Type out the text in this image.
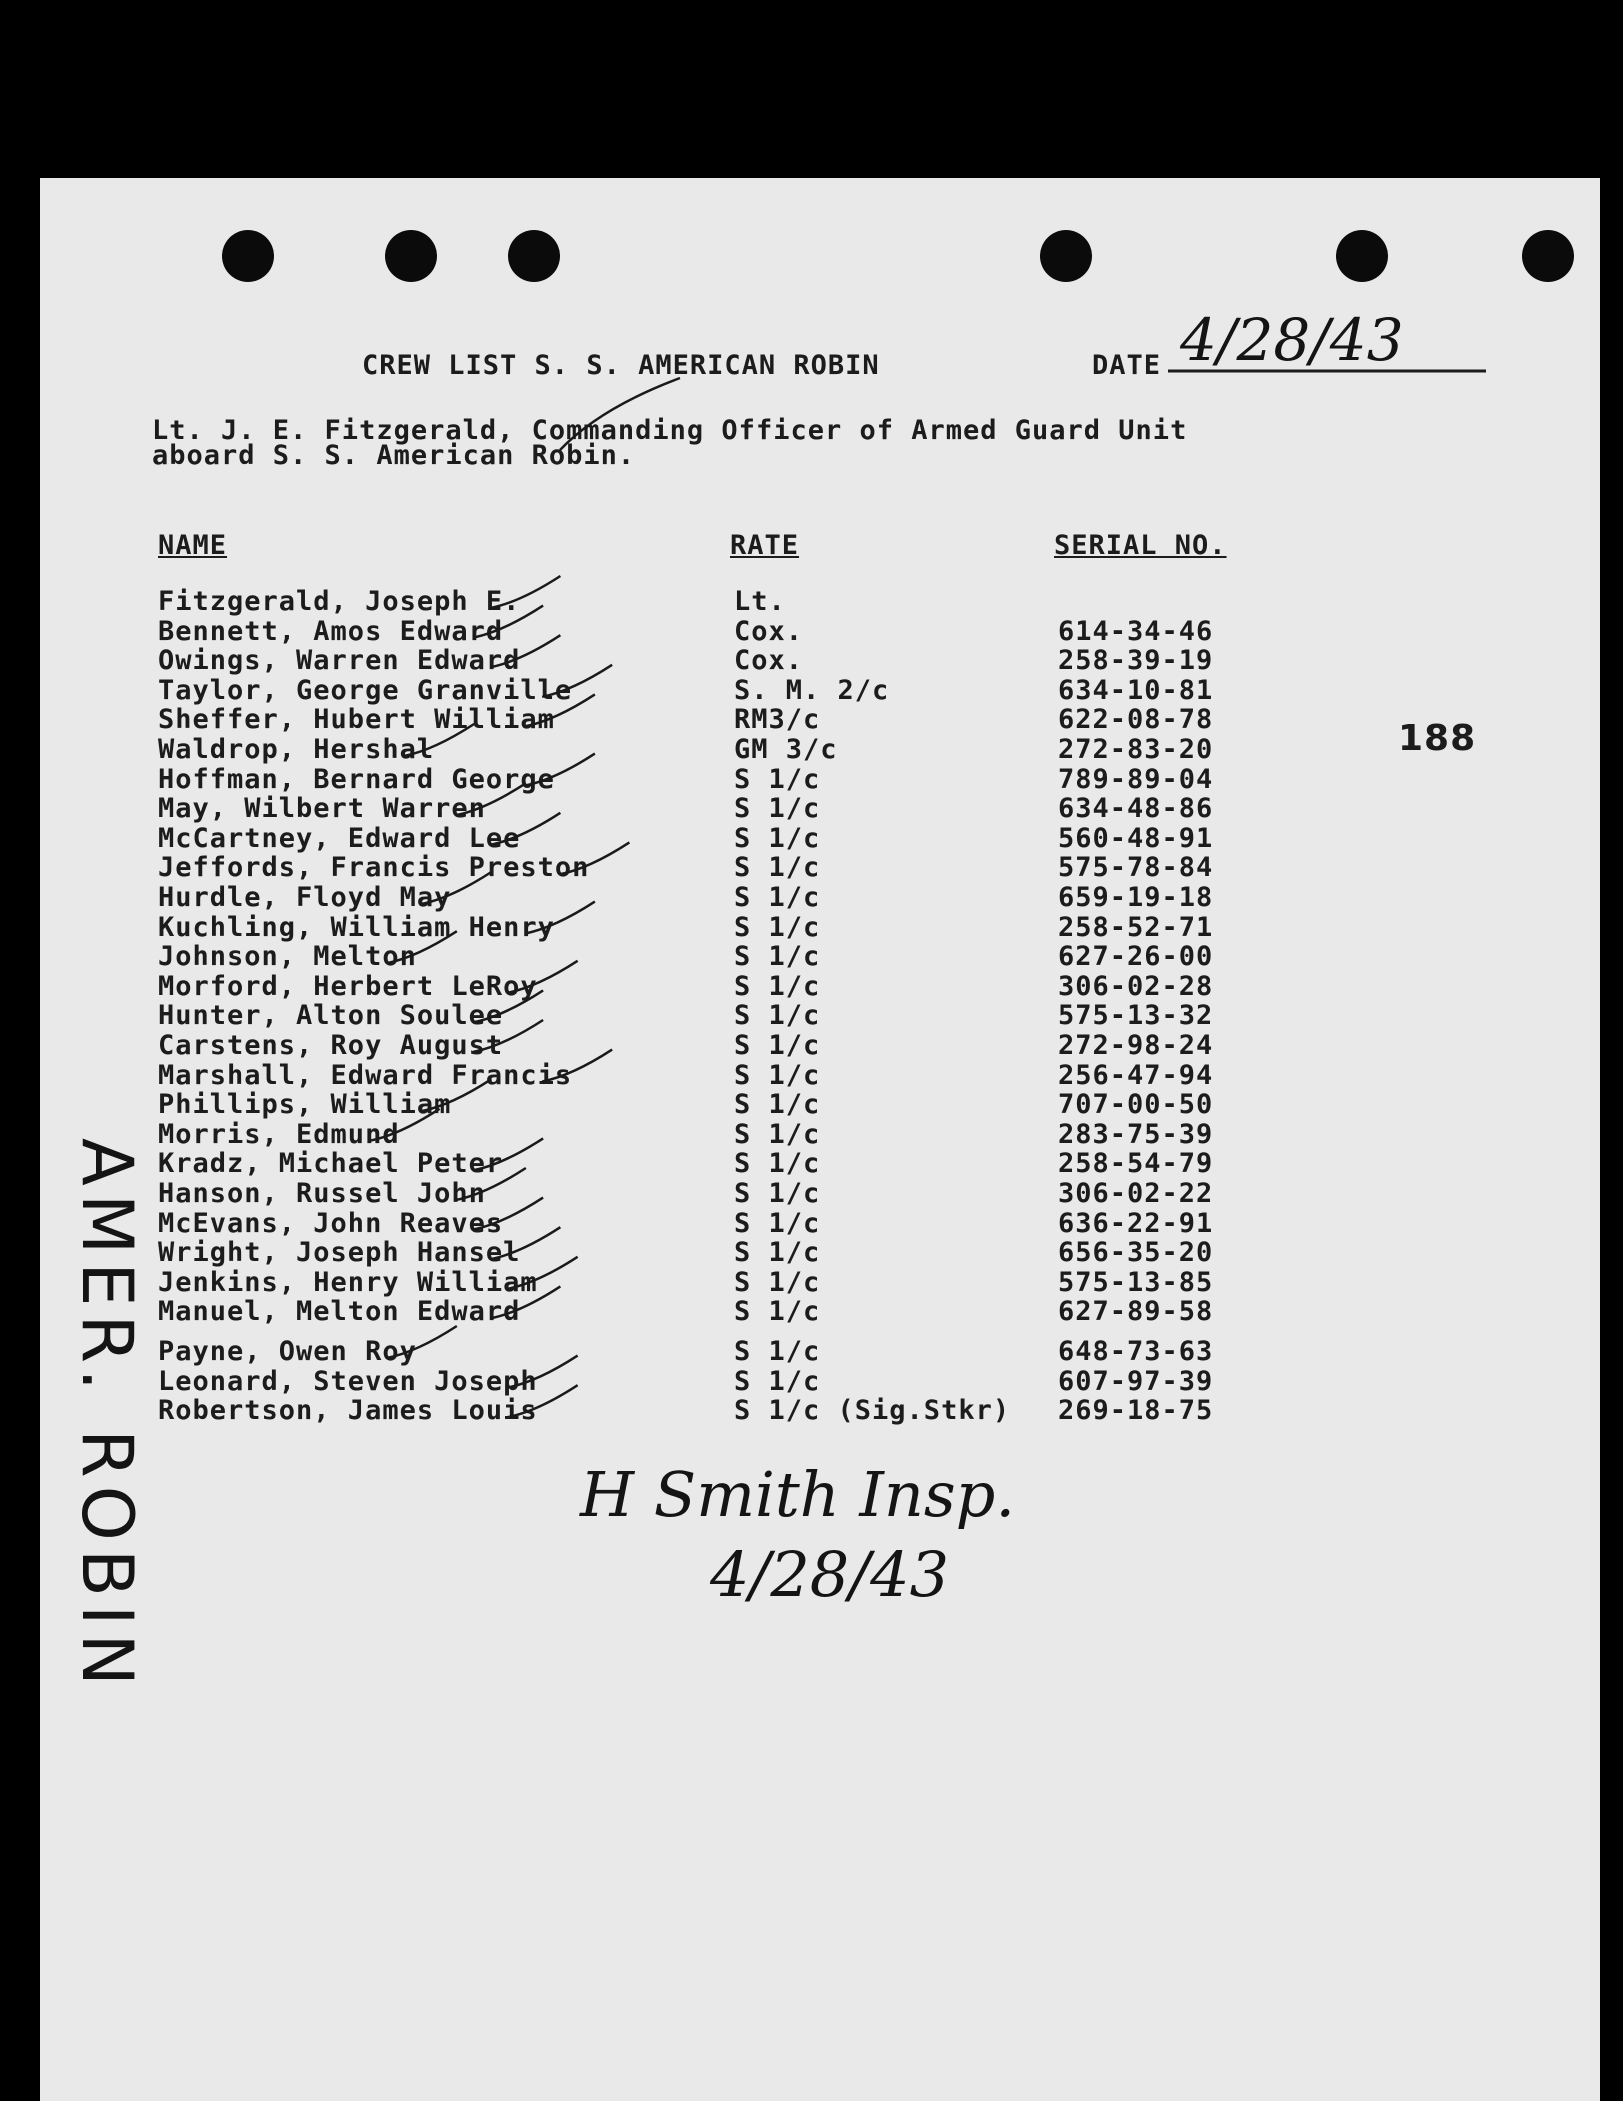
CREW LIST S. S. AMERICAN ROBIN	DATE 4/28/43
Lt. J. E. Fitzgerald, Commanding Officer of Armed Guard Unit
aboard S. S. American Robin.
NAME	RATE	SERIAL NO.
188
Fitzgerald, Joseph E.	Lt.
Bennett, Amos Edward	Cox.	614-34-46
Owings, Warren Edward	Cox.	258-39-19
Taylor, George Granville	S. M. 2/c	634-10-81
Sheffer, Hubert William	RM3/c	622-08-78
Waldrop, Hershal	GM 3/c	272-83-20
Hoffman, Bernard George	S 1/c	789-89-04
May, Wilbert Warren	S 1/c	634-48-86
McCartney, Edward Lee	S 1/c	560-48-91
Jeffords, Francis Preston	S 1/c	575-78-84
Hurdle, Floyd May	S 1/c	659-19-18
Kuchling, William Henry	S 1/c	258-52-71
Johnson, Melton	S 1/c	627-26-00
Morford, Herbert LeRoy	S 1/c	306-02-28
Hunter, Alton Soulee	S 1/c	575-13-32
Carstens, Roy August	S 1/c	272-98-24
Marshall, Edward Francis	S 1/c	256-47-94
Phillips, William	S 1/c	707-00-50
Morris, Edmund	S 1/c	283-75-39
Kradz, Michael Peter	S 1/c	258-54-79
Hanson, Russel John	S 1/c	306-02-22
McEvans, John Reaves	S 1/c	636-22-91
Wright, Joseph Hansel	S 1/c	656-35-20
Jenkins, Henry William	S 1/c	575-13-85
Manuel, Melton Edward	S 1/c	627-89-58
Payne, Owen Roy	S 1/c	648-73-63
Leonard, Steven Joseph	S 1/c	607-97-39
Robertson, James Louis	S 1/c (Sig.Stkr) 269-18-75
H Smith Insp.
4/28/43
AMER. ROBIN
